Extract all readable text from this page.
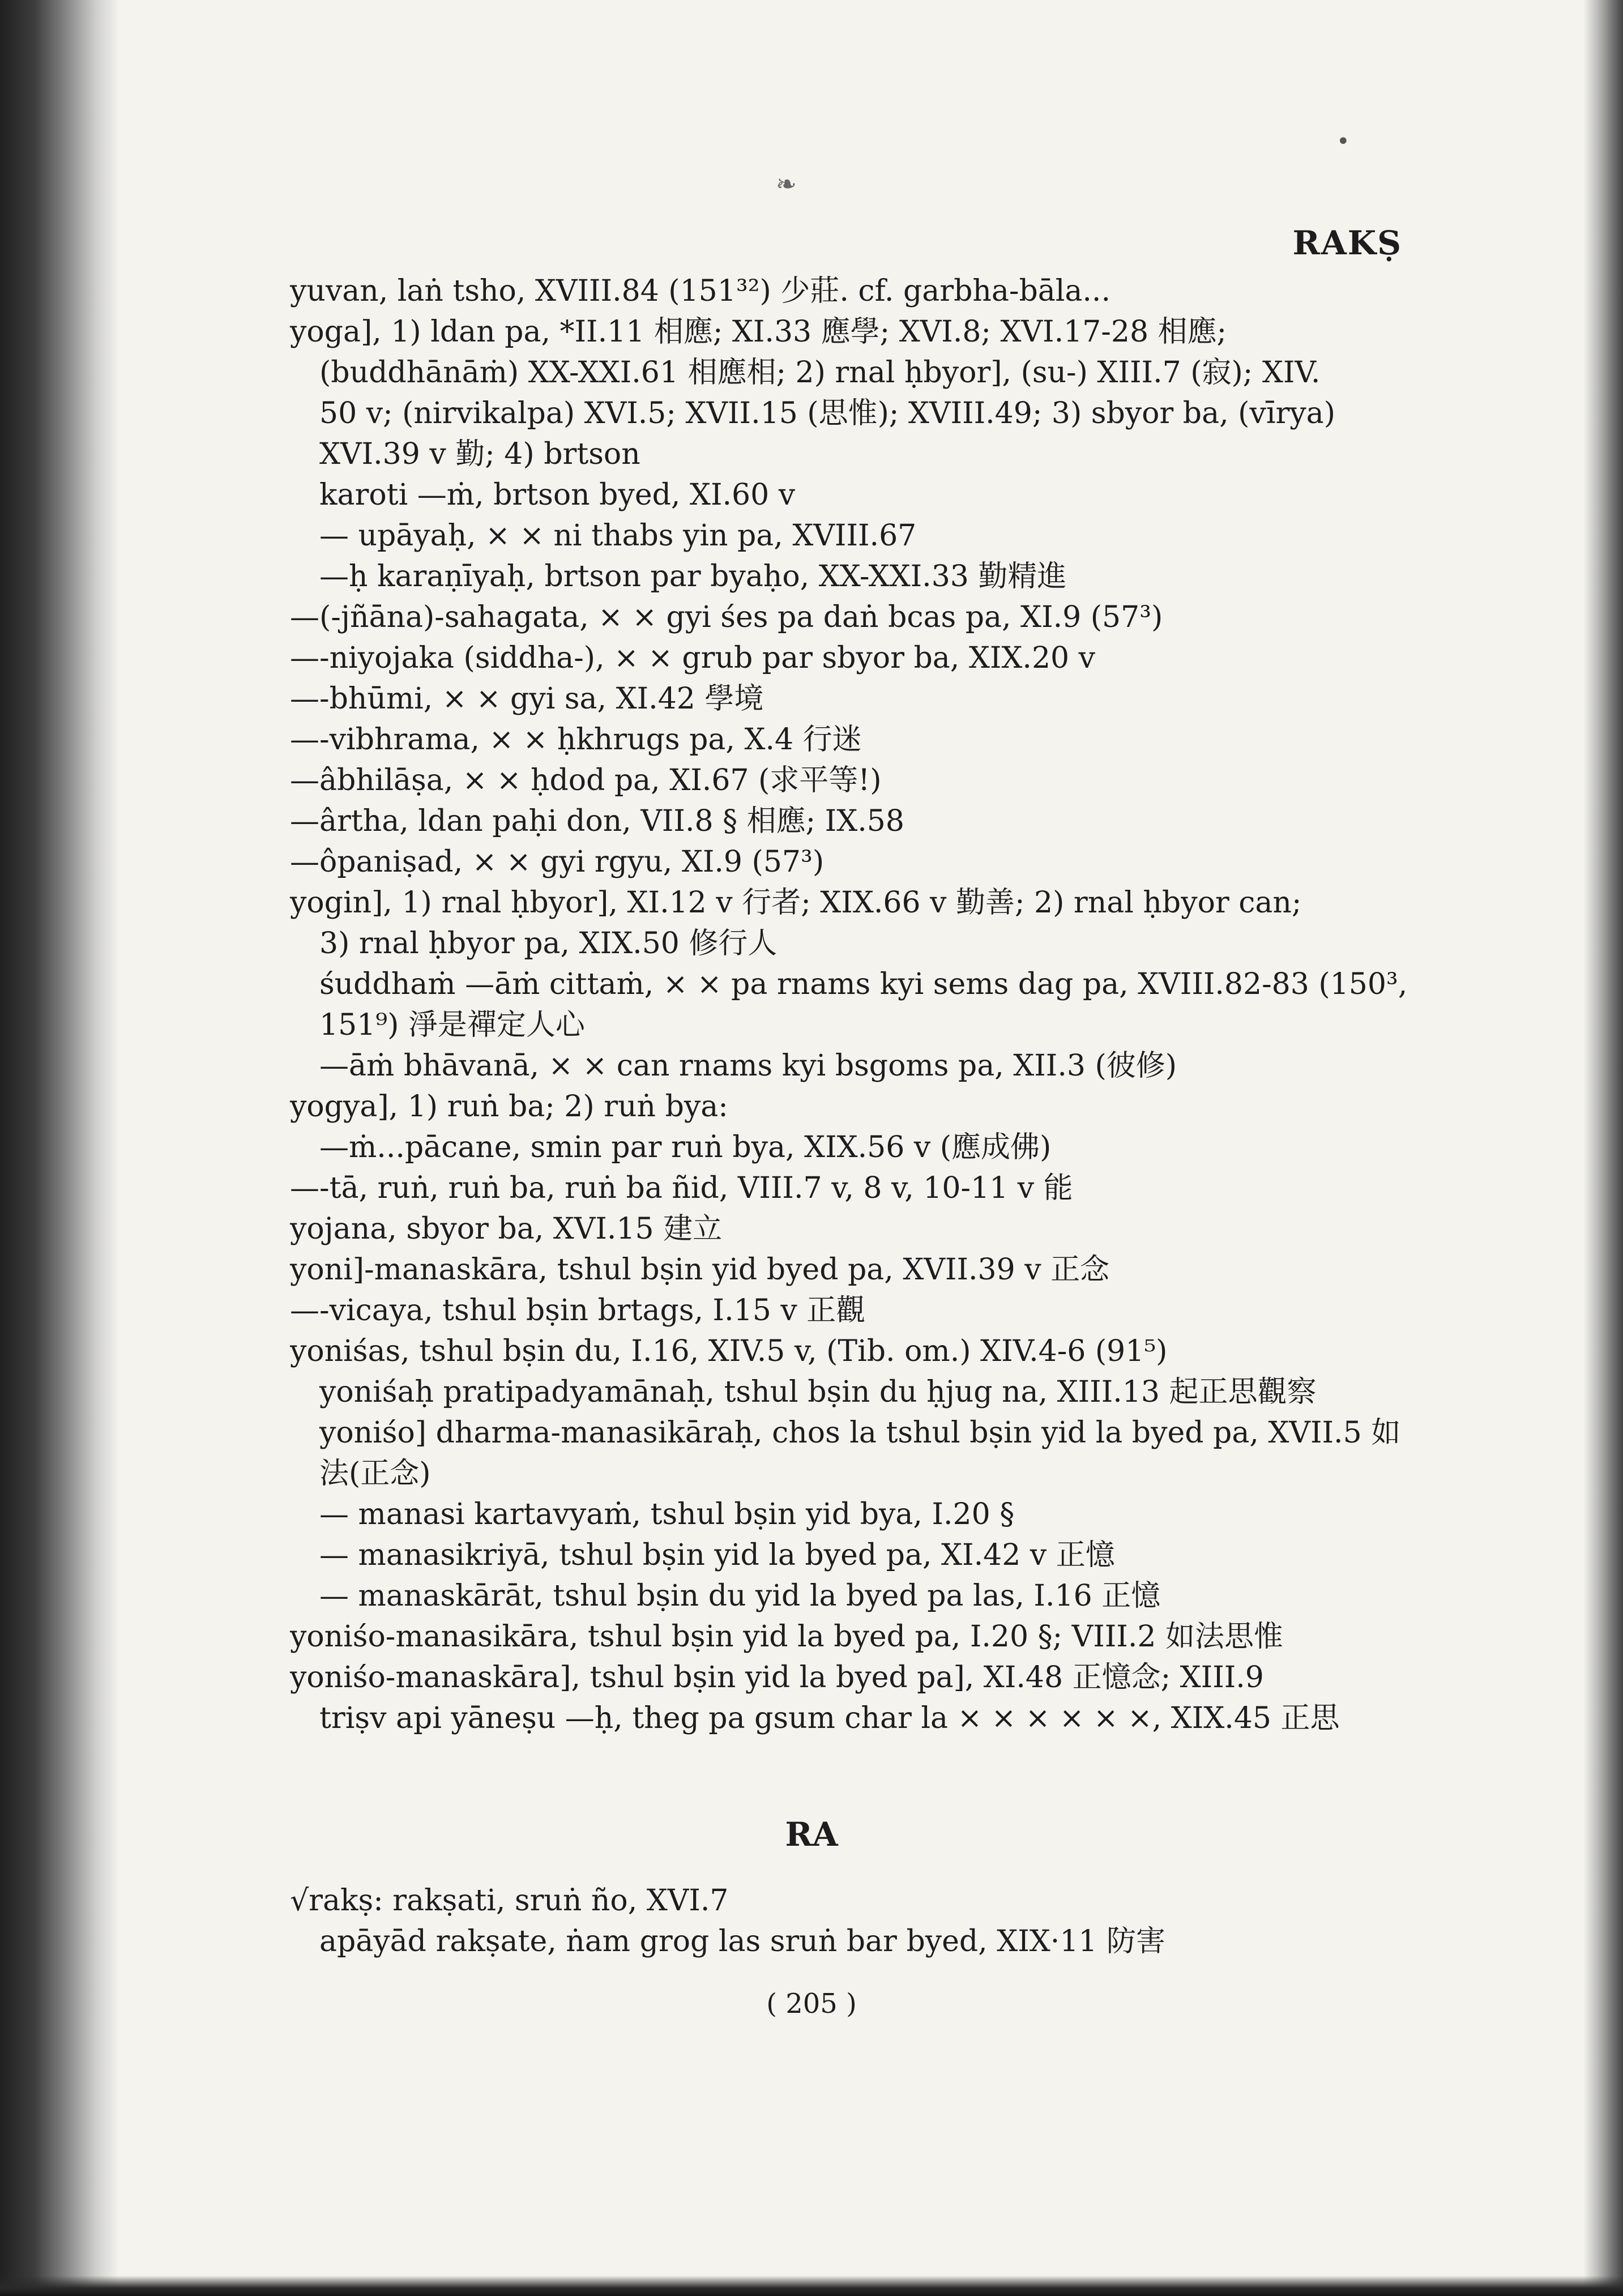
❧
•
RAKṢ
yuvan, laṅ tsho, XVIII.84 (151³²) 少莊. cf. garbha-bāla...
yoga], 1) ldan pa, *II.11 相應; XI.33 應學; XVI.8; XVI.17-28 相應;
(buddhānāṁ) XX-XXI.61 相應相; 2) rnal ḥbyor], (su-) XIII.7 (寂); XIV.
50 v; (nirvikalpa) XVI.5; XVII.15 (思惟); XVIII.49; 3) sbyor ba, (vīrya)
XVI.39 v 勤; 4) brtson
karoti —ṁ, brtson byed, XI.60 v
— upāyaḥ, × × ni thabs yin pa, XVIII.67
—ḥ karaṇīyaḥ, brtson par byaḥo, XX-XXI.33 勤精進
—(-jñāna)-sahagata, × × gyi śes pa daṅ bcas pa, XI.9 (57³)
—-niyojaka (siddha-), × × grub par sbyor ba, XIX.20 v
—-bhūmi, × × gyi sa, XI.42 學境
—-vibhrama, × × ḥkhrugs pa, X.4 行迷
—âbhilāṣa, × × ḥdod pa, XI.67 (求平等!)
—ârtha, ldan paḥi don, VII.8 § 相應; IX.58
—ôpaniṣad, × × gyi rgyu, XI.9 (57³)
yogin], 1) rnal ḥbyor], XI.12 v 行者; XIX.66 v 勤善; 2) rnal ḥbyor can;
3) rnal ḥbyor pa, XIX.50 修行人
śuddhaṁ —āṁ cittaṁ, × × pa rnams kyi sems dag pa, XVIII.82-83 (150³,
151⁹) 淨是禪定人心
—āṁ bhāvanā, × × can rnams kyi bsgoms pa, XII.3 (彼修)
yogya], 1) ruṅ ba; 2) ruṅ bya:
—ṁ...pācane, smin par ruṅ bya, XIX.56 v (應成佛)
—-tā, ruṅ, ruṅ ba, ruṅ ba ñid, VIII.7 v, 8 v, 10-11 v 能
yojana, sbyor ba, XVI.15 建立
yoni]-manaskāra, tshul bṣin yid byed pa, XVII.39 v 正念
—-vicaya, tshul bṣin brtags, I.15 v 正觀
yoniśas, tshul bṣin du, I.16, XIV.5 v, (Tib. om.) XIV.4-6 (91⁵)
yoniśaḥ pratipadyamānaḥ, tshul bṣin du ḥjug na, XIII.13 起正思觀察
yoniśo] dharma-manasikāraḥ, chos la tshul bṣin yid la byed pa, XVII.5 如
法(正念)
— manasi kartavyaṁ, tshul bṣin yid bya, I.20 §
— manasikriyā, tshul bṣin yid la byed pa, XI.42 v 正憶
— manaskārāt, tshul bṣin du yid la byed pa las, I.16 正憶
yoniśo-manasikāra, tshul bṣin yid la byed pa, I.20 §; VIII.2 如法思惟
yoniśo-manaskāra], tshul bṣin yid la byed pa], XI.48 正憶念; XIII.9
triṣv api yāneṣu —ḥ, theg pa gsum char la × × × × × ×, XIX.45 正思
RA
√rakṣ: rakṣati, sruṅ ño, XVI.7
apāyād rakṣate, ṅam grog las sruṅ bar byed, XIX·11 防害
( 205 )
